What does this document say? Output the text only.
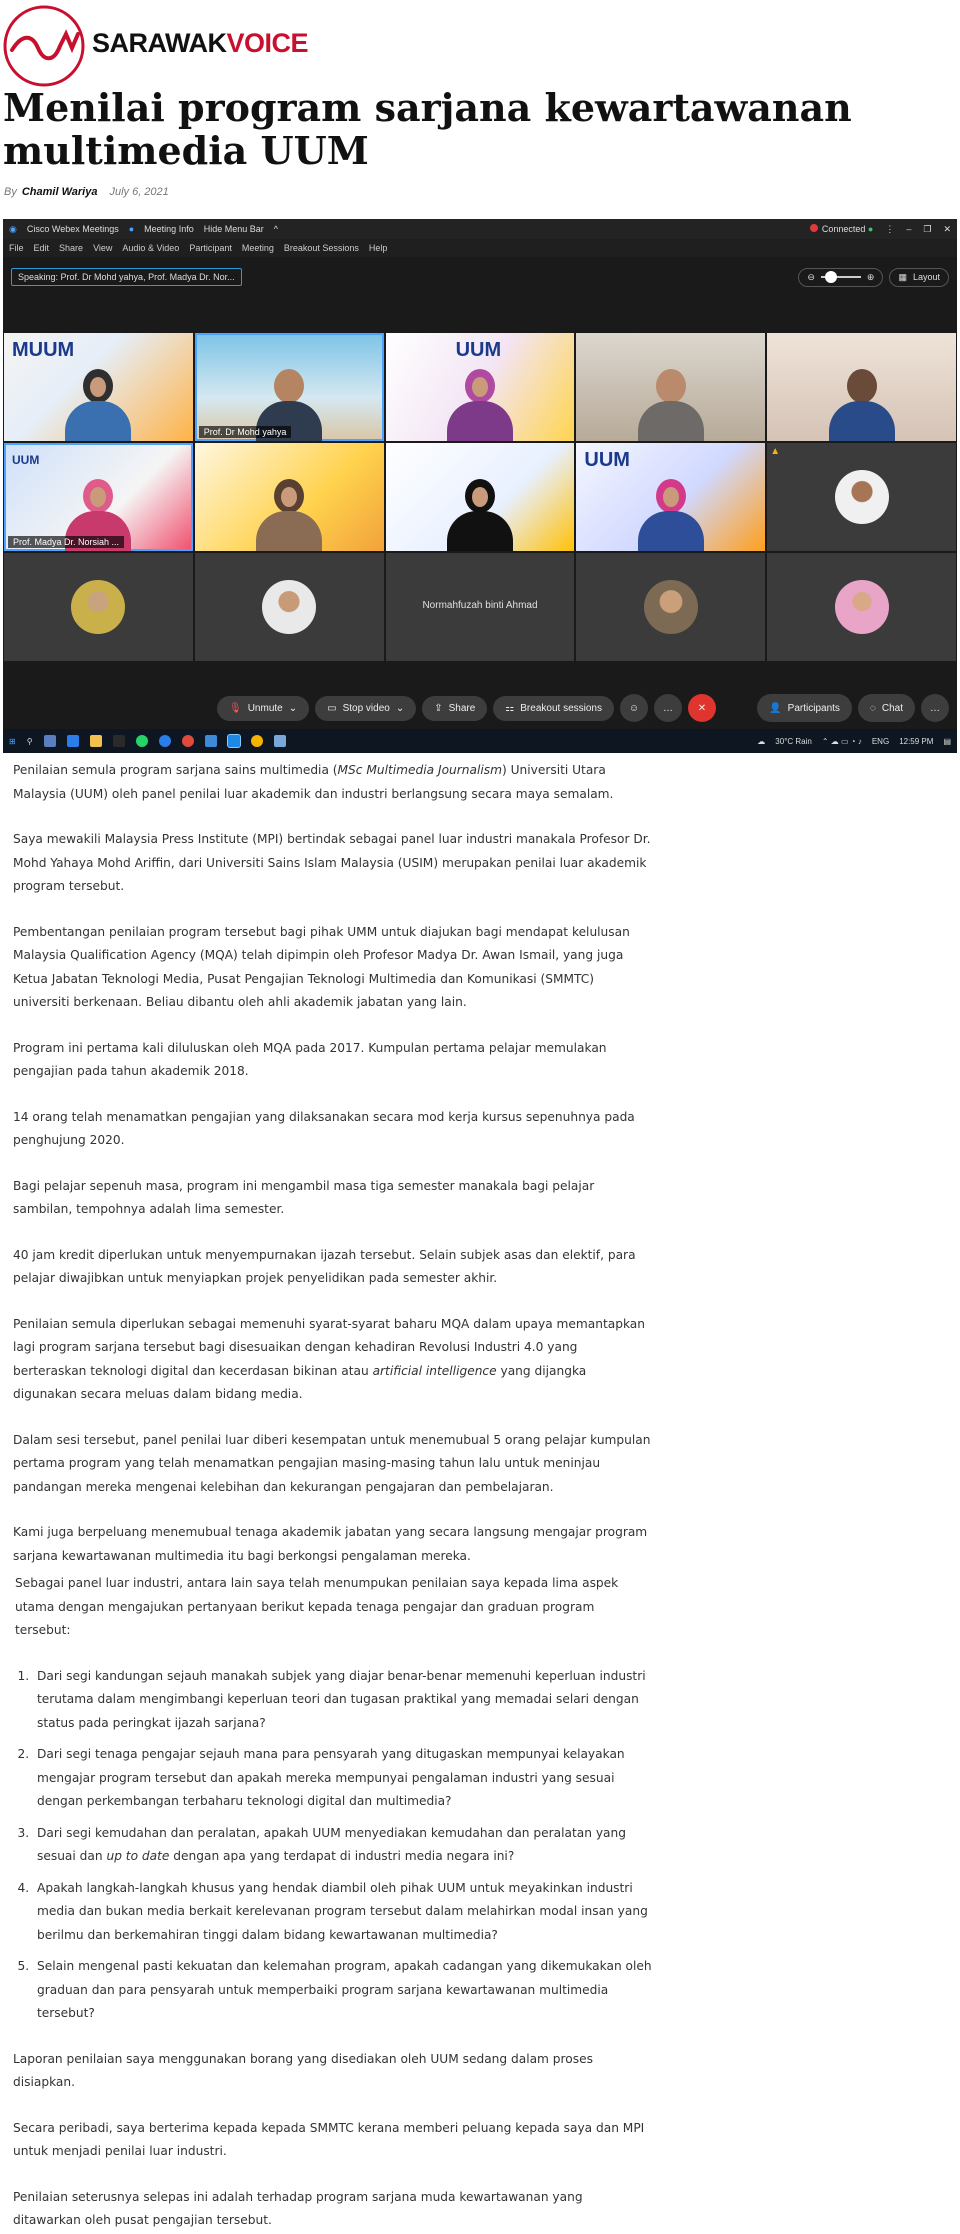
SARAWAKVOICE
Menilai program sarjana kewartawanan multimedia UUM
By Chamil Wariya July 6, 2021
◉ Cisco Webex Meetings ● Meeting Info Hide Menu Bar ^	Connected ● ⋮ – ❐ ✕
File Edit Share View Audio & Video Participant Meeting Breakout Sessions Help
Speaking: Prof. Dr Mohd yahya, Prof. Madya Dr. Nor...	⊖	⊕	▦ Layout
MUUM
Prof. Dr Mohd yahya
UUM
UUM
Prof. Madya Dr. Norsiah ...
UUM	▲
Normahfuzah binti Ahmad
🎙 Unmute ⌄	▭ Stop video ⌄	⇪ Share	⚏ Breakout sessions	☺ … ✕	👤 Participants	◌ Chat	…
⊞ ⚲	☁ 30°C Rain ⌃ ☁ ▭ ◔ ♪ ENG 12:59 PM ▤

Penilaian semula program sarjana sains multimedia (MSc Multimedia Journalism) Universiti Utara Malaysia (UUM) oleh panel penilai luar akademik dan industri berlangsung secara maya semalam.

Saya mewakili Malaysia Press Institute (MPI) bertindak sebagai panel luar industri manakala Profesor Dr. Mohd Yahaya Mohd Ariffin, dari Universiti Sains Islam Malaysia (USIM) merupakan penilai luar akademik program tersebut.

Pembentangan penilaian program tersebut bagi pihak UMM untuk diajukan bagi mendapat kelulusan Malaysia Qualification Agency (MQA) telah dipimpin oleh Profesor Madya Dr. Awan Ismail, yang juga Ketua Jabatan Teknologi Media, Pusat Pengajian Teknologi Multimedia dan Komunikasi (SMMTC) universiti berkenaan. Beliau dibantu oleh ahli akademik jabatan yang lain.

Program ini pertama kali diluluskan oleh MQA pada 2017. Kumpulan pertama pelajar memulakan pengajian pada tahun akademik 2018.

14 orang telah menamatkan pengajian yang dilaksanakan secara mod kerja kursus sepenuhnya pada penghujung 2020.

Bagi pelajar sepenuh masa, program ini mengambil masa tiga semester manakala bagi pelajar sambilan, tempohnya adalah lima semester.

40 jam kredit diperlukan untuk menyempurnakan ijazah tersebut. Selain subjek asas dan elektif, para pelajar diwajibkan untuk menyiapkan projek penyelidikan pada semester akhir.

Penilaian semula diperlukan sebagai memenuhi syarat-syarat baharu MQA dalam upaya memantapkan lagi program sarjana tersebut bagi disesuaikan dengan kehadiran Revolusi Industri 4.0 yang berteraskan teknologi digital dan kecerdasan bikinan atau artificial intelligence yang dijangka digunakan secara meluas dalam bidang media.

Dalam sesi tersebut, panel penilai luar diberi kesempatan untuk menemubual 5 orang pelajar kumpulan pertama program yang telah menamatkan pengajian masing-masing tahun lalu untuk meninjau pandangan mereka mengenai kelebihan dan kekurangan pengajaran dan pembelajaran.

Kami juga berpeluang menemubual tenaga akademik jabatan yang secara langsung mengajar program sarjana kewartawanan multimedia itu bagi berkongsi pengalaman mereka.

Sebagai panel luar industri, antara lain saya telah menumpukan penilaian saya kepada lima aspek utama dengan mengajukan pertanyaan berikut kepada tenaga pengajar dan graduan program tersebut:

1. Dari segi kandungan sejauh manakah subjek yang diajar benar-benar memenuhi keperluan industri terutama dalam mengimbangi keperluan teori dan tugasan praktikal yang memadai selari dengan status pada peringkat ijazah sarjana?
2. Dari segi tenaga pengajar sejauh mana para pensyarah yang ditugaskan mempunyai kelayakan mengajar program tersebut dan apakah mereka mempunyai pengalaman industri yang sesuai dengan perkembangan terbaharu teknologi digital dan multimedia?
3. Dari segi kemudahan dan peralatan, apakah UUM menyediakan kemudahan dan peralatan yang sesuai dan up to date dengan apa yang terdapat di industri media negara ini?
4. Apakah langkah-langkah khusus yang hendak diambil oleh pihak UUM untuk meyakinkan industri media dan bukan media berkait kerelevanan program tersebut dalam melahirkan modal insan yang berilmu dan berkemahiran tinggi dalam bidang kewartawanan multimedia?
5. Selain mengenal pasti kekuatan dan kelemahan program, apakah cadangan yang dikemukakan oleh graduan dan para pensyarah untuk memperbaiki program sarjana kewartawanan multimedia tersebut?

Laporan penilaian saya menggunakan borang yang disediakan oleh UUM sedang dalam proses disiapkan.

Secara peribadi, saya berterima kepada kepada SMMTC kerana memberi peluang kepada saya dan MPI untuk menjadi penilai luar industri.

Penilaian seterusnya selepas ini adalah terhadap program sarjana muda kewartawanan yang ditawarkan oleh pusat pengajian tersebut.
